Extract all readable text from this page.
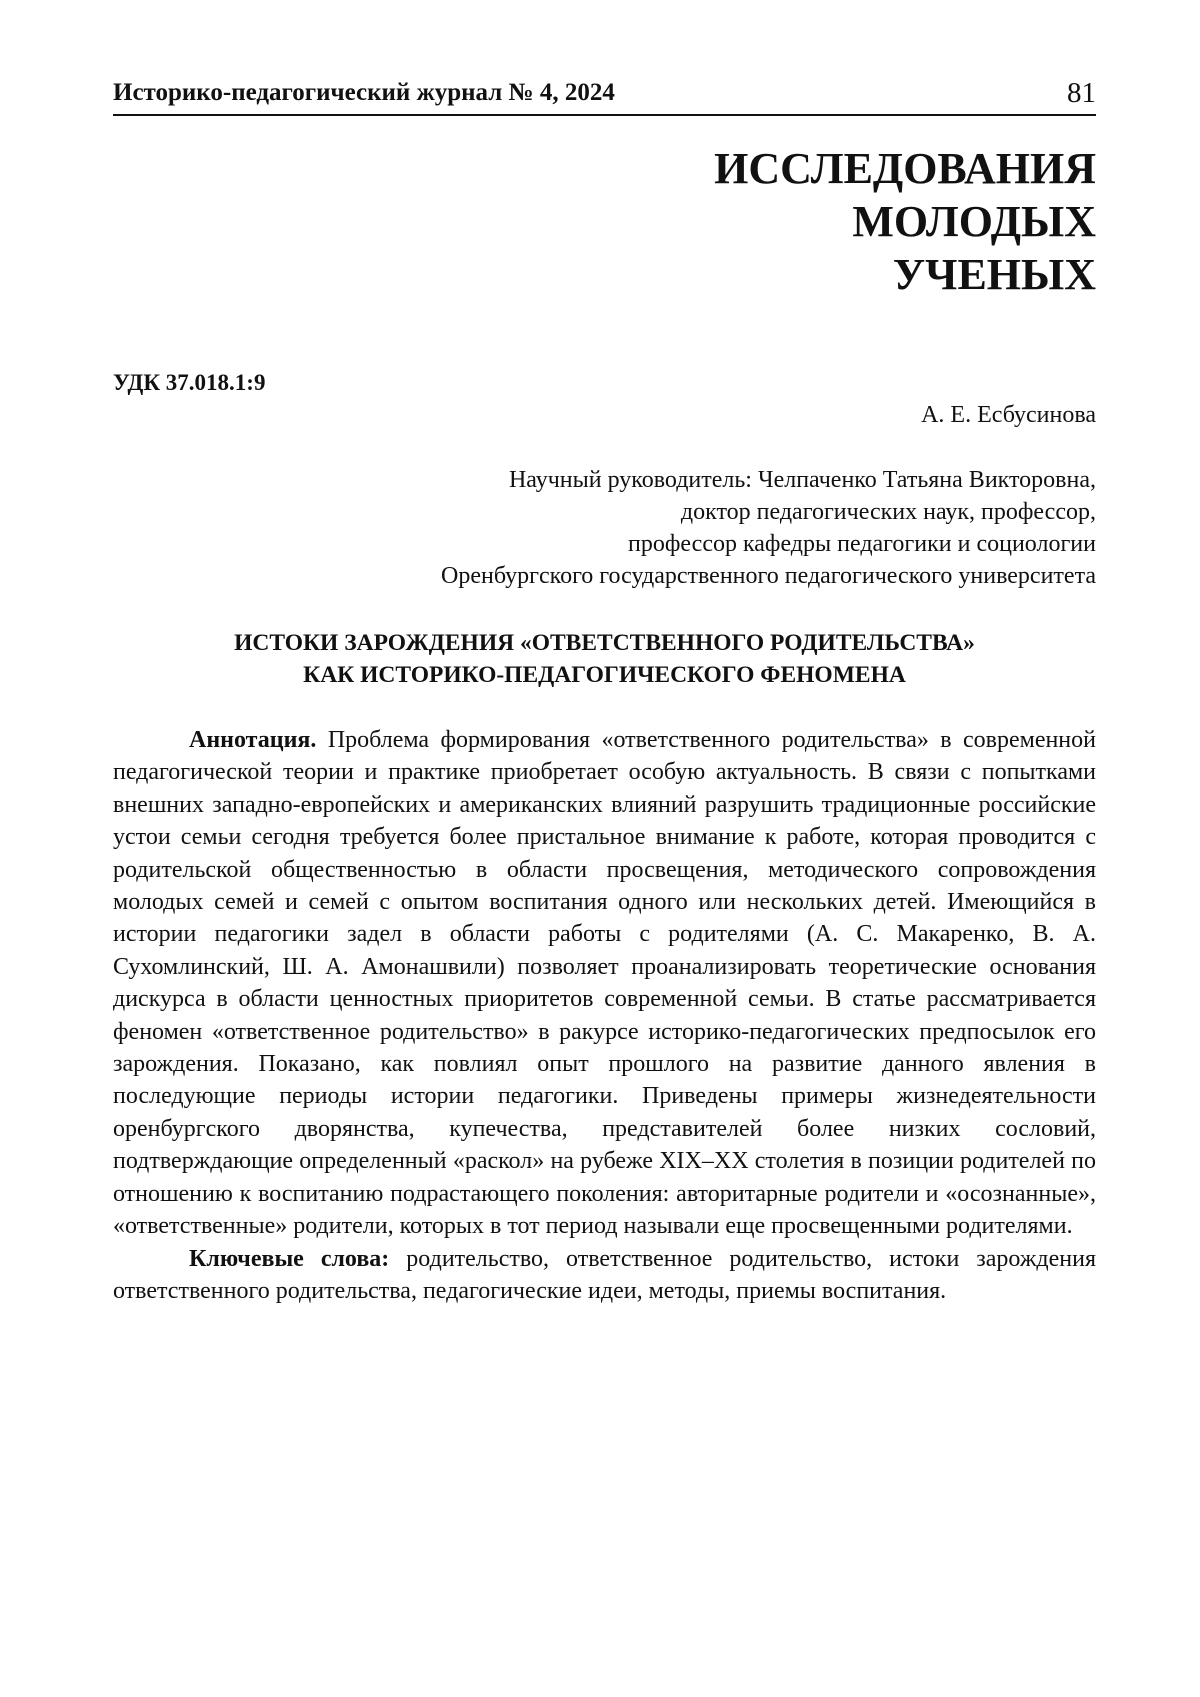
Историко-педагогический журнал № 4, 2024	81
ИССЛЕДОВАНИЯ
МОЛОДЫХ
УЧЕНЫХ
УДК 37.018.1:9
А. Е. Есбусинова
Научный руководитель: Челпаченко Татьяна Викторовна,
доктор педагогических наук, профессор,
профессор кафедры педагогики и социологии
Оренбургского государственного педагогического университета
ИСТОКИ ЗАРОЖДЕНИЯ «ОТВЕТСТВЕННОГО РОДИТЕЛЬСТВА»
КАК ИСТОРИКО-ПЕДАГОГИЧЕСКОГО ФЕНОМЕНА

Аннотация. Проблема формирования «ответственного родительства» в современной педагогической теории и практике приобретает особую актуальность. В связи с попытками внешних западно-европейских и американских влияний разрушить традиционные российские устои семьи сегодня требуется более пристальное внимание к работе, которая проводится с родительской общественностью в области просвещения, методического сопровождения молодых семей и семей с опытом воспитания одного или нескольких детей. Имеющийся в истории педагогики задел в области работы с родителями (А. С. Макаренко, В. А. Сухомлинский, Ш. А. Амонашвили) позволяет проанализировать теоретические основания дискурса в области ценностных приоритетов современной семьи. В статье рассматривается феномен «ответственное родительство» в ракурсе историко-педагогических предпосылок его зарождения. Показано, как повлиял опыт прошлого на развитие данного явления в последующие периоды истории педагогики. Приведены примеры жизнедеятельности оренбургского дворянства, купечества, представителей более низких сословий, подтверждающие определенный «раскол» на рубеже XIX–XX столетия в позиции родителей по отношению к воспитанию подрастающего поколения: авторитарные родители и «осознанные», «ответственные» родители, которых в тот период называли еще просвещенными родителями.

Ключевые слова: родительство, ответственное родительство, истоки зарождения ответственного родительства, педагогические идеи, методы, приемы воспитания.
